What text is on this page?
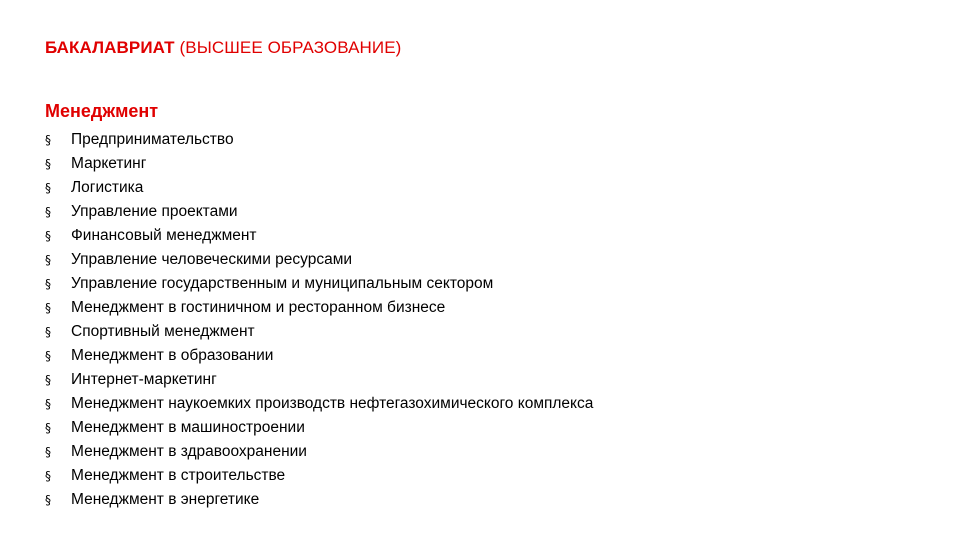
БАКАЛАВРИАТ (ВЫСШЕЕ ОБРАЗОВАНИЕ)
Менеджмент
§	Предпринимательство
§	Маркетинг
§	Логистика
§	Управление проектами
§	Финансовый менеджмент
§	Управление человеческими ресурсами
§	Управление государственным и муниципальным сектором
§	Менеджмент в гостиничном и ресторанном бизнесе
§	Спортивный менеджмент
§	Менеджмент в образовании
§	Интернет-маркетинг
§	Менеджмент наукоемких производств нефтегазохимического комплекса
§	Менеджмент в машиностроении
§	Менеджмент в здравоохранении
§	Менеджмент в строительстве
§	Менеджмент в энергетике
